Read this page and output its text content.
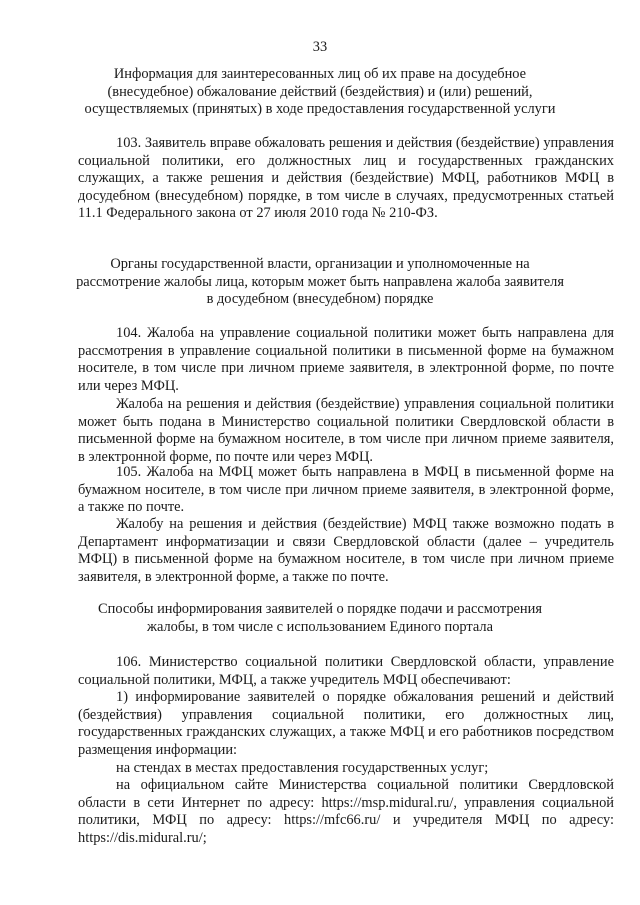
33
Информация для заинтересованных лиц об их праве на досудебное (внесудебное) обжалование действий (бездействия) и (или) решений, осуществляемых (принятых) в ходе предоставления государственной услуги
103. Заявитель вправе обжаловать решения и действия (бездействие) управления социальной политики, его должностных лиц и государственных гражданских служащих, а также решения и действия (бездействие) МФЦ, работников МФЦ в досудебном (внесудебном) порядке, в том числе в случаях, предусмотренных статьей 11.1 Федерального закона от 27 июля 2010 года № 210-ФЗ.
Органы государственной власти, организации и уполномоченные на рассмотрение жалобы лица, которым может быть направлена жалоба заявителя в досудебном (внесудебном) порядке
104. Жалоба на управление социальной политики может быть направлена для рассмотрения в управление социальной политики в письменной форме на бумажном носителе, в том числе при личном приеме заявителя, в электронной форме, по почте или через МФЦ.
Жалоба на решения и действия (бездействие) управления социальной политики может быть подана в Министерство социальной политики Свердловской области в письменной форме на бумажном носителе, в том числе при личном приеме заявителя, в электронной форме, по почте или через МФЦ.
105. Жалоба на МФЦ может быть направлена в МФЦ в письменной форме на бумажном носителе, в том числе при личном приеме заявителя, в электронной форме, а также по почте.
Жалобу на решения и действия (бездействие) МФЦ также возможно подать в Департамент информатизации и связи Свердловской области (далее – учредитель МФЦ) в письменной форме на бумажном носителе, в том числе при личном приеме заявителя, в электронной форме, а также по почте.
Способы информирования заявителей о порядке подачи и рассмотрения жалобы, в том числе с использованием Единого портала
106. Министерство социальной политики Свердловской области, управление социальной политики, МФЦ, а также учредитель МФЦ обеспечивают:
1) информирование заявителей о порядке обжалования решений и действий (бездействия) управления социальной политики, его должностных лиц, государственных гражданских служащих, а также МФЦ и его работников посредством размещения информации:
на стендах в местах предоставления государственных услуг;
на официальном сайте Министерства социальной политики Свердловской области в сети Интернет по адресу: https://msp.midural.ru/, управления социальной политики, МФЦ по адресу: https://mfc66.ru/ и учредителя МФЦ по адресу: https://dis.midural.ru/;
